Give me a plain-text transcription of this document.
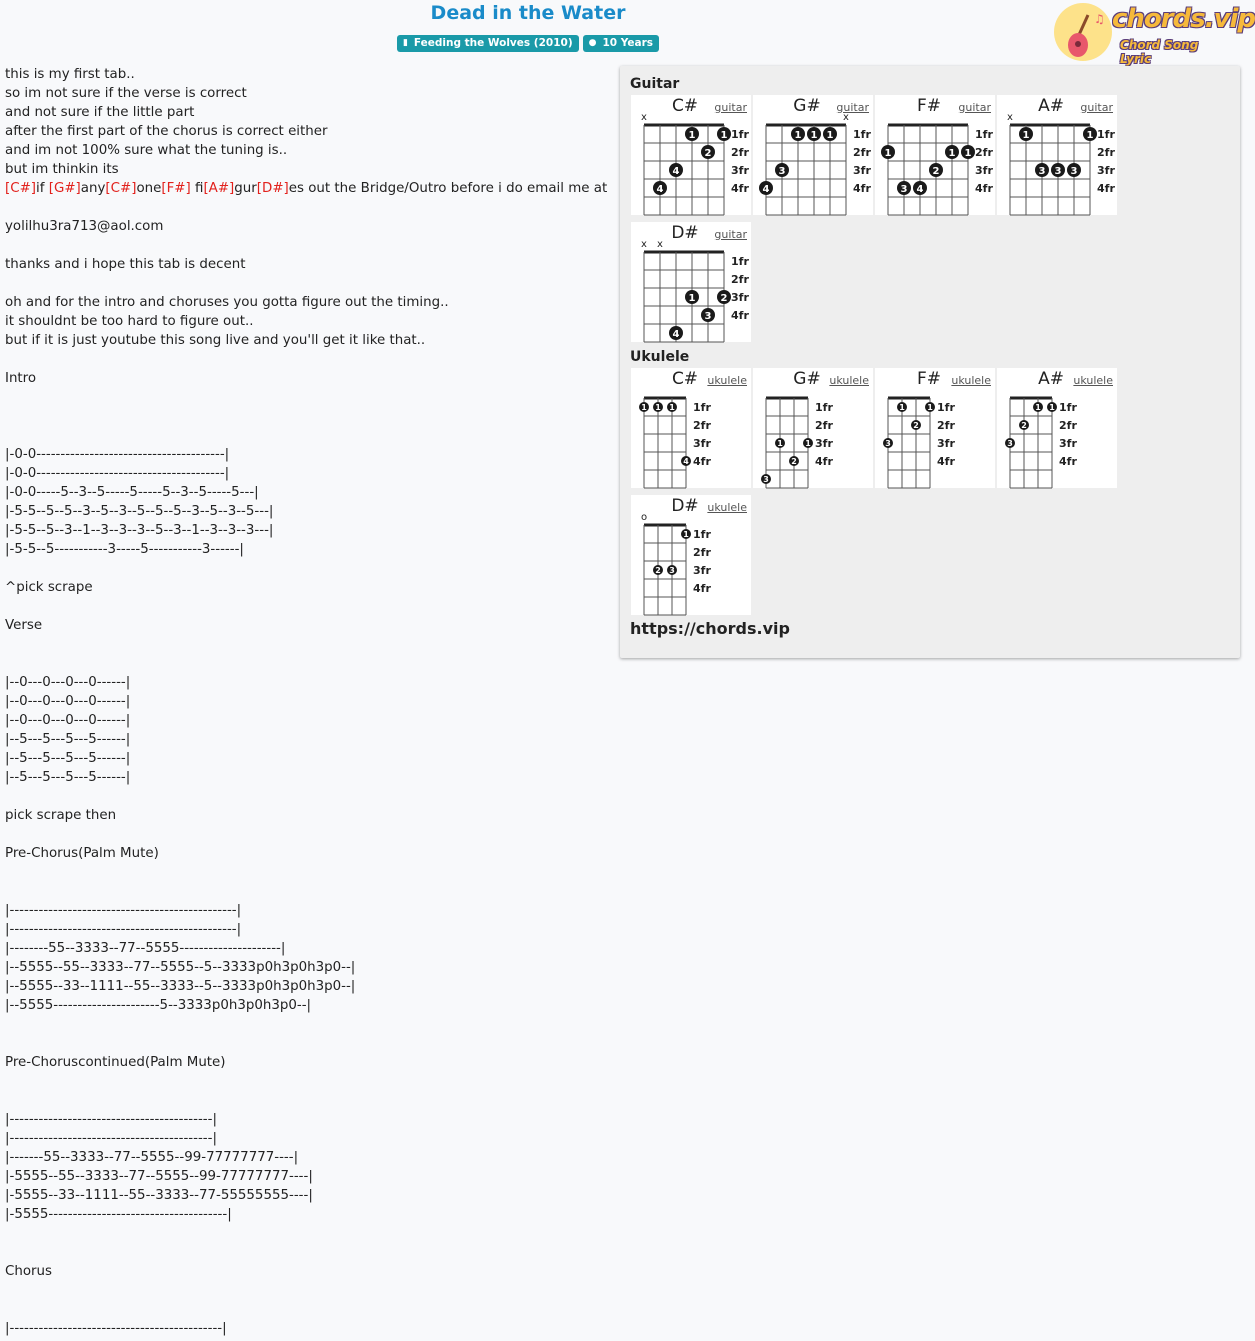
Dead in the Water
▮ Feeding the Wolves (2010) ● 10 Years
♫ chords.vip
Chord Song Lyric
this is my first tab..
so im not sure if the verse is correct
and not sure if the little part
after the first part of the chorus is correct either
and im not 100% sure what the tuning is..
but im thinkin its
[C#]if [G#]any[C#]one[F#] fi[A#]gur[D#]es out the Bridge/Outro before i do email me at
yolilhu3ra713@aol.com
thanks and i hope this tab is decent
oh and for the intro and choruses you gotta figure out the timing..
it shouldnt be too hard to figure out..
but if it is just youtube this song live and you'll get it like that..
Intro
|-0-0---------------------------------------|
|-0-0---------------------------------------|
|-0-0-----5--3--5-----5-----5--3--5-----5---|
|-5-5--5--5--3--5--3--5--5--5--3--5--3--5---|
|-5-5--5--3--1--3--3--3--5--3--1--3--3--3---|
|-5-5--5-----------3-----5-----------3------|
^pick scrape
Verse
|--0---0---0---0------|
|--0---0---0---0------|
|--0---0---0---0------|
|--5---5---5---5------|
|--5---5---5---5------|
|--5---5---5---5------|
pick scrape then
Pre-Chorus(Palm Mute)
|-----------------------------------------------|
|-----------------------------------------------|
|--------55--3333--77--5555---------------------|
|--5555--55--3333--77--5555--5--3333p0h3p0h3p0--|
|--5555--33--1111--55--3333--5--3333p0h3p0h3p0--|
|--5555----------------------5--3333p0h3p0h3p0--|
Pre-Choruscontinued(Palm Mute)
|------------------------------------------|
|------------------------------------------|
|-------55--3333--77--5555--99-77777777----|
|-5555--55--3333--77--5555--99-77777777----|
|-5555--33--1111--55--3333--77-55555555----|
|-5555-------------------------------------|
Chorus
|--------------------------------------------|
Guitar
C#	guitar
x
1fr
2fr
3fr
4fr
1	1
2
4
4
G#	guitar
x
1fr
2fr
3fr
4fr
1 1 1
3
4
F#	guitar
1fr
2fr
3fr
4fr
1	1 1
2
3 4
A#	guitar
x
1fr
2fr
3fr
4fr
1	1
3 3 3
D#	guitar
x x
1fr
2fr
3fr
4fr
1	2
3
4
Ukulele
C# ukulele
1fr
2fr
3fr
4fr
1 1 1
4
G# ukulele
1fr
2fr
3fr
4fr
1	1
2
3
F# ukulele
1fr
2fr
3fr
4fr
1	1
2
3
A# ukulele
1fr
2fr
3fr
4fr
1 1
2
3
D# ukulele
o
1fr
2fr
3fr
4fr
1
2 3
https://chords.vip
